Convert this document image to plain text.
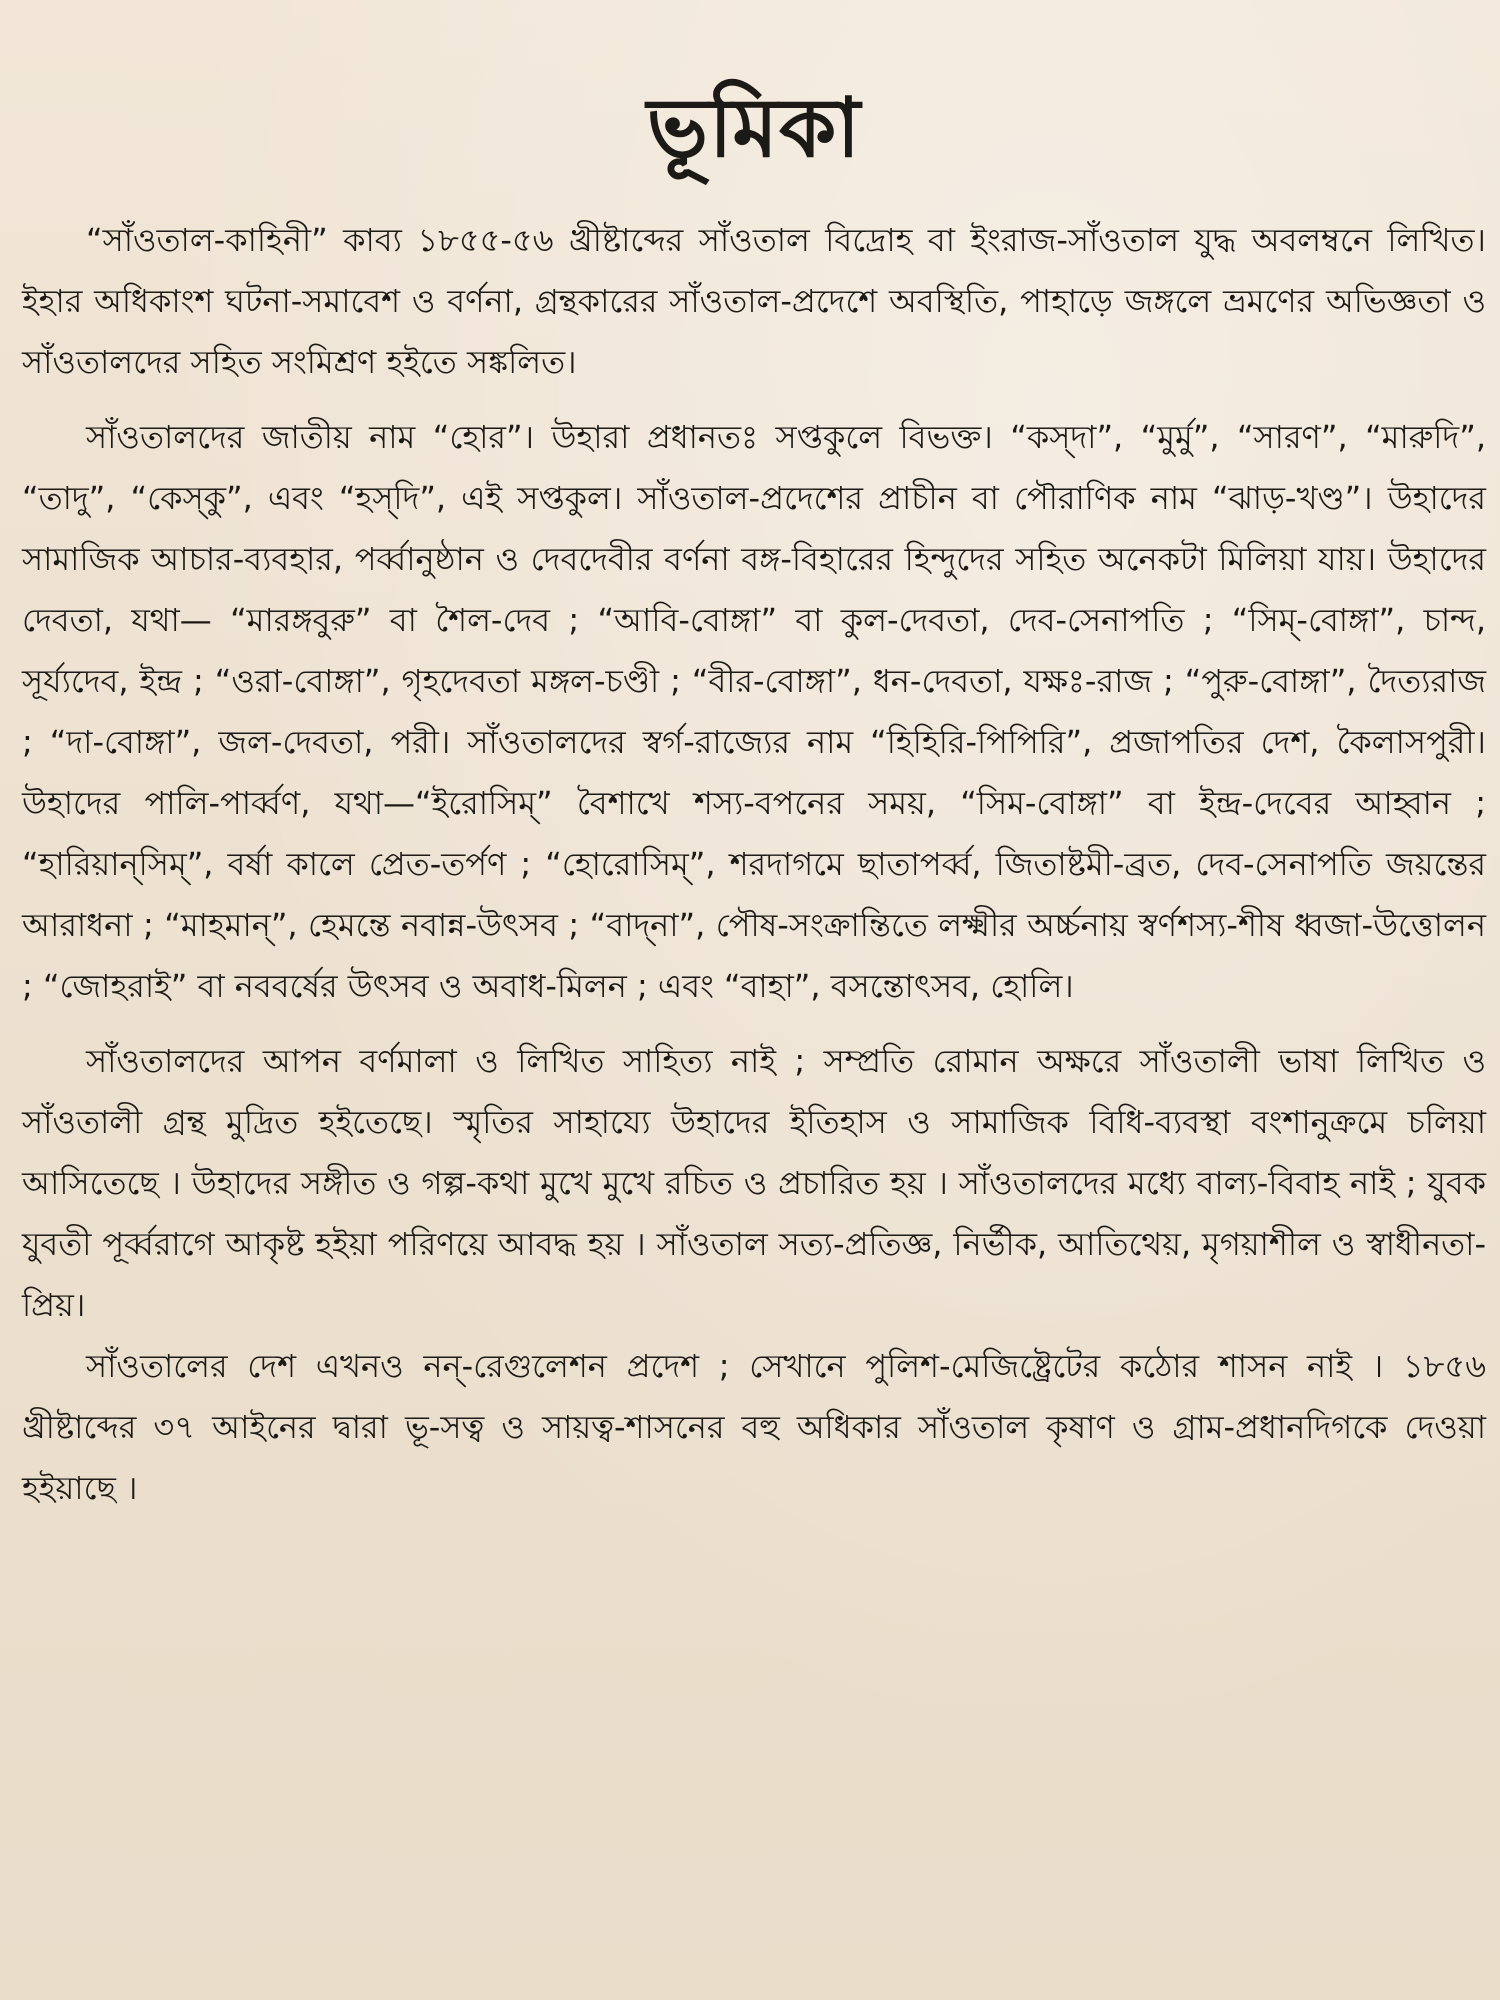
ভূমিকা

“সাঁওতাল-কাহিনী” কাব্য ১৮৫৫-৫৬ খ্রীষ্টাব্দের সাঁওতাল বিদ্রোহ বা ইংরাজ-সাঁওতাল যুদ্ধ অবলম্বনে লিখিত। ইহার অধিকাংশ ঘটনা-সমাবেশ ও বর্ণনা, গ্রন্থকারের সাঁওতাল-প্রদেশে অবস্থিতি, পাহাড়ে জঙ্গলে ভ্রমণের অভিজ্ঞতা ও সাঁওতালদের সহিত সংমিশ্রণ হইতে সঙ্কলিত।

সাঁওতালদের জাতীয় নাম “হোর”। উহারা প্রধানতঃ সপ্তকুলে বিভক্ত। “কস্‌দা”, “মুর্মু”, “সারণ”, “মারুদি”, “তাদু”, “কেস্‌কু”, এবং “হস্‌দি”, এই সপ্তকুল। সাঁওতাল-প্রদেশের প্রাচীন বা পৌরাণিক নাম “ঝাড়-খণ্ড”। উহাদের সামাজিক আচার-ব্যবহার, পর্ব্বানুষ্ঠান ও দেবদেবীর বর্ণনা বঙ্গ-বিহারের হিন্দুদের সহিত অনেকটা মিলিয়া যায়। উহাদের দেবতা, যথা— “মারঙ্গবুরু” বা শৈল-দেব ; “আবি-বোঙ্গা” বা কুল-দেবতা, দেব-সেনাপতি ; “সিম্‌-বোঙ্গা”, চান্দ, সূর্য্যদেব, ইন্দ্র ; “ওরা-বোঙ্গা”, গৃহদেবতা মঙ্গল-চণ্ডী ; “বীর-বোঙ্গা”, ধন-দেবতা, যক্ষঃ-রাজ ; “পুরু-বোঙ্গা”, দৈত্যরাজ ; “দা-বোঙ্গা”, জল-দেবতা, পরী। সাঁওতালদের স্বর্গ-রাজ্যের নাম “হিহিরি-পিপিরি”, প্রজাপতির দেশ, কৈলাসপুরী। উহাদের পালি-পার্ব্বণ, যথা—“ইরোসিম্‌” বৈশাখে শস্য-বপনের সময়, “সিম-বোঙ্গা” বা ইন্দ্র-দেবের আহ্বান ; “হারিয়ান্‌সিম্‌”, বর্ষা কালে প্রেত-তর্পণ ; “হোরোসিম্‌”, শরদাগমে ছাতাপর্ব্ব, জিতাষ্টমী-ব্রত, দেব-সেনাপতি জয়ন্তের আরাধনা ; “মাহমান্‌”, হেমন্তে নবান্ন-উৎসব ; “বাদ্‌না”, পৌষ-সংক্রান্তিতে লক্ষ্মীর অর্চ্চনায় স্বর্ণশস্য-শীষ ধ্বজা-উত্তোলন ; “জোহরাই” বা নববর্ষের উৎসব ও অবাধ-মিলন ; এবং “বাহা”, বসন্তোৎসব, হোলি।

সাঁওতালদের আপন বর্ণমালা ও লিখিত সাহিত্য নাই ; সম্প্রতি রোমান অক্ষরে সাঁওতালী ভাষা লিখিত ও সাঁওতালী গ্রন্থ মুদ্রিত হইতেছে। স্মৃতির সাহায্যে উহাদের ইতিহাস ও সামাজিক বিধি-ব্যবস্থা বংশানুক্রমে চলিয়া আসিতেছে । উহাদের সঙ্গীত ও গল্প-কথা মুখে মুখে রচিত ও প্রচারিত হয় । সাঁওতালদের মধ্যে বাল্য-বিবাহ নাই ; যুবক যুবতী পূর্ব্বরাগে আকৃষ্ট হইয়া পরিণয়ে আবদ্ধ হয় । সাঁওতাল সত্য-প্রতিজ্ঞ, নির্ভীক, আতিথেয়, মৃগয়াশীল ও স্বাধীনতা-প্রিয়।

সাঁওতালের দেশ এখনও নন্‌-রেগুলেশন প্রদেশ ; সেখানে পুলিশ-মেজিষ্ট্রেটের কঠোর শাসন নাই । ১৮৫৬ খ্রীষ্টাব্দের ৩৭ আইনের দ্বারা ভূ-সত্ব ও সায়ত্ব-শাসনের বহু অধিকার সাঁওতাল কৃষাণ ও গ্রাম-প্রধানদিগকে দেওয়া হইয়াছে ।
